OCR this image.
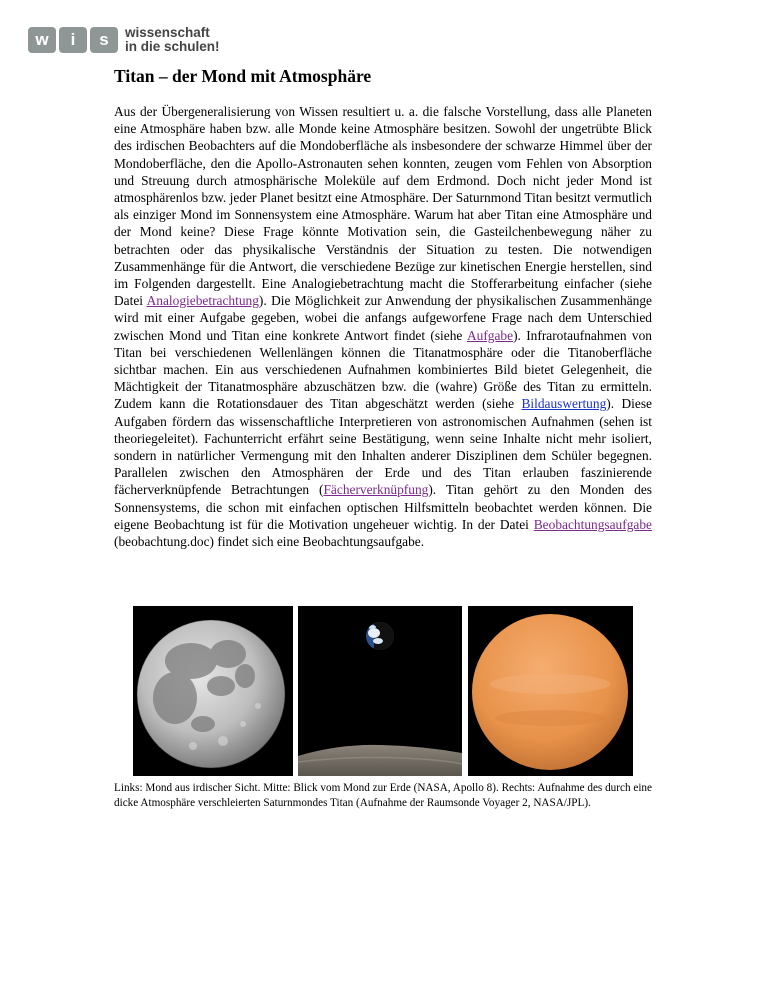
w	i	s	wissenschaft
in die schulen!
Titan – der Mond mit Atmosphäre

Aus der Übergeneralisierung von Wissen resultiert u. a. die falsche Vorstellung, dass alle Planeten eine Atmosphäre haben bzw. alle Monde keine Atmosphäre besitzen. Sowohl der ungetrübte Blick des irdischen Beobachters auf die Mondoberfläche als insbesondere der schwarze Himmel über der Mondoberfläche, den die Apollo-Astronauten sehen konnten, zeugen vom Fehlen von Absorption und Streuung durch atmosphärische Moleküle auf dem Erdmond. Doch nicht jeder Mond ist atmosphärenlos bzw. jeder Planet besitzt eine Atmosphäre. Der Saturnmond Titan besitzt vermutlich als einziger Mond im Sonnensystem eine Atmosphäre. Warum hat aber Titan eine Atmosphäre und der Mond keine? Diese Frage könnte Motivation sein, die Gasteilchenbewegung näher zu betrachten oder das physikalische Verständnis der Situation zu testen. Die notwendigen Zusammenhänge für die Antwort, die verschiedene Bezüge zur kinetischen Energie herstellen, sind im Folgenden dargestellt. Eine Analogiebetrachtung macht die Stofferarbeitung einfacher (siehe Datei Analogiebetrachtung). Die Möglichkeit zur Anwendung der physikalischen Zusammenhänge wird mit einer Aufgabe gegeben, wobei die anfangs aufgeworfene Frage nach dem Unterschied zwischen Mond und Titan eine konkrete Antwort findet (siehe Aufgabe). Infrarotaufnahmen von Titan bei verschiedenen Wellenlängen können die Titanatmosphäre oder die Titanoberfläche sichtbar machen. Ein aus verschiedenen Aufnahmen kombiniertes Bild bietet Gelegenheit, die Mächtigkeit der Titanatmosphäre abzuschätzen bzw. die (wahre) Größe des Titan zu ermitteln. Zudem kann die Rotationsdauer des Titan abgeschätzt werden (siehe Bildauswertung). Diese Aufgaben fördern das wissenschaftliche Interpretieren von astronomischen Aufnahmen (sehen ist theoriegeleitet). Fachunterricht erfährt seine Bestätigung, wenn seine Inhalte nicht mehr isoliert, sondern in natürlicher Vermengung mit den Inhalten anderer Disziplinen dem Schüler begegnen. Parallelen zwischen den Atmosphären der Erde und des Titan erlauben faszinierende fächerverknüpfende Betrachtungen (Fächerverknüpfung). Titan gehört zu den Monden des Sonnensystems, die schon mit einfachen optischen Hilfsmitteln beobachtet werden können. Die eigene Beobachtung ist für die Motivation ungeheuer wichtig. In der Datei Beobachtungsaufgabe (beobachtung.doc) findet sich eine Beobachtungsaufgabe.

Links: Mond aus irdischer Sicht. Mitte: Blick vom Mond zur Erde (NASA, Apollo 8). Rechts: Aufnahme des durch eine dicke Atmosphäre verschleierten Saturnmondes Titan (Aufnahme der Raumsonde Voyager 2, NASA/JPL).
